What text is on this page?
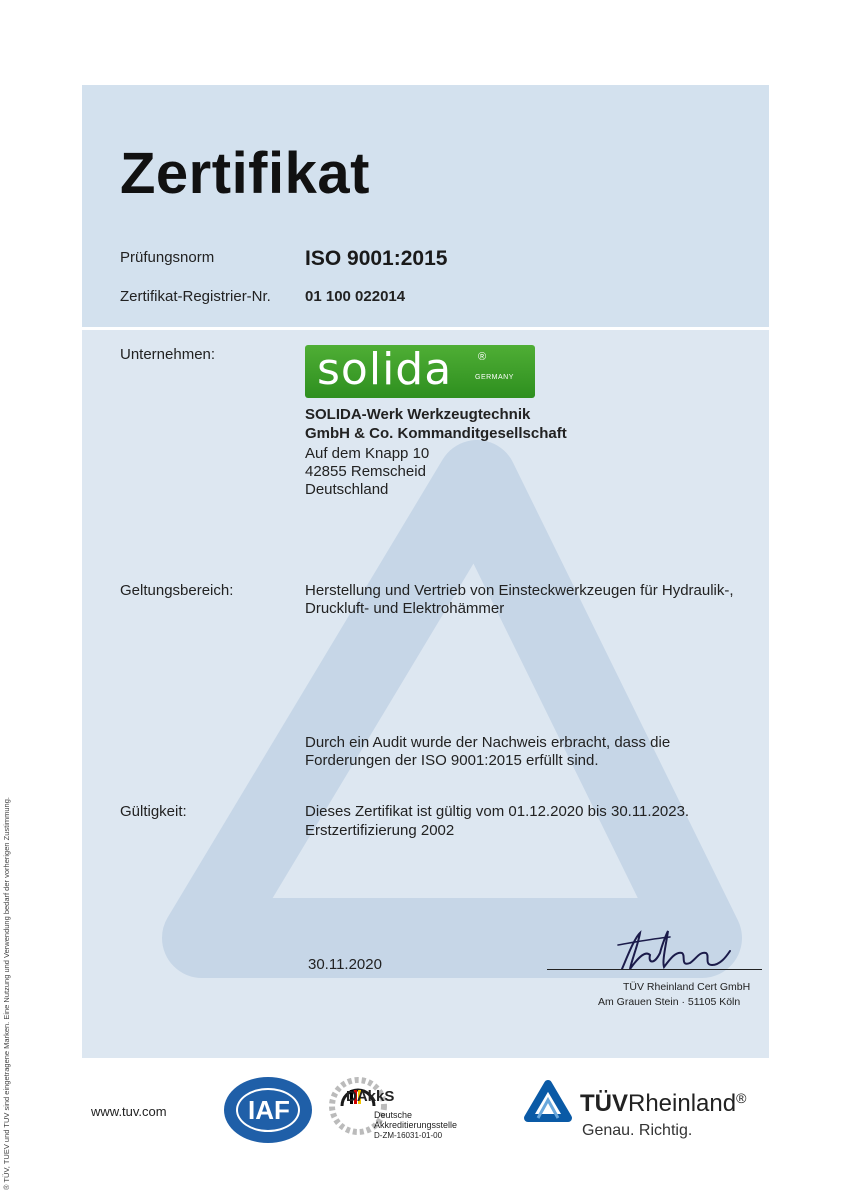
Zertifikat
Prüfungsnorm	ISO 9001:2015
Zertifikat-Registrier-Nr. 01 100 022014
Unternehmen: solida ®
GERMANY
SOLIDA-Werk Werkzeugtechnik
GmbH & Co. Kommanditgesellschaft
Auf dem Knapp 10
42855 Remscheid
Deutschland
Geltungsbereich:	Herstellung und Vertrieb von Einsteckwerkzeugen für Hydraulik-,
Druckluft- und Elektrohämmer
Durch ein Audit wurde der Nachweis erbracht, dass die
Forderungen der ISO 9001:2015 erfüllt sind.
Gültigkeit:	Dieses Zertifikat ist gültig vom 01.12.2020 bis 30.11.2023.
Erstzertifizierung 2002
30.11.2020
TÜV Rheinland Cert GmbH
Am Grauen Stein · 51105 Köln
www.tuv.com	IAF	DAkkS
Deutsche
Akkreditierungsstelle
D-ZM-16031-01-00
TÜVRheinland®
Genau. Richtig.
® TÜV, TUEV und TUV sind eingetragene Marken. Eine Nutzung und Verwendung bedarf der vorherigen Zustimmung.
